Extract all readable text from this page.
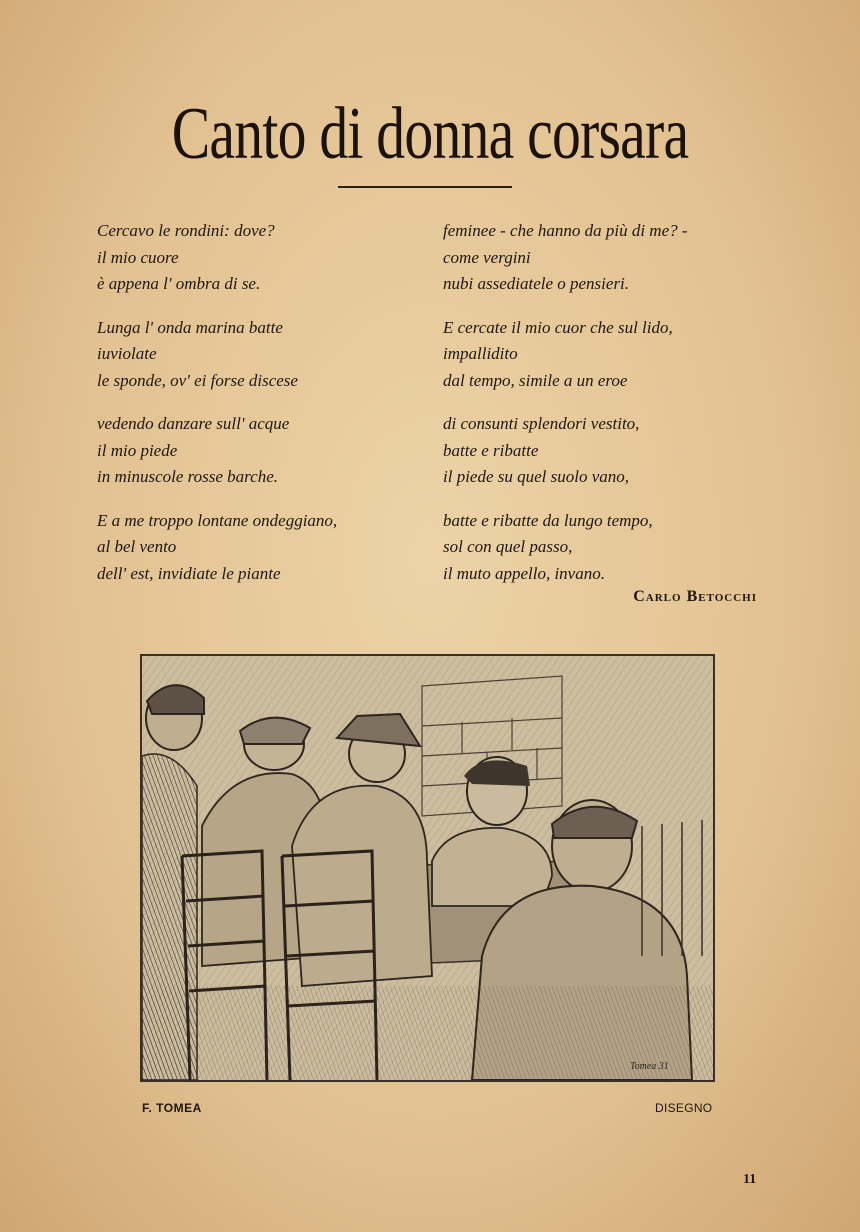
Canto di donna corsara
Cercavo le rondini: dove?
il mio cuore
è appena l' ombra di se.
Lunga l' onda marina batte
iuviolate
le sponde, ov' ei forse discese
vedendo danzare sull' acque
il mio piede
in minuscole rosse barche.
E a me troppo lontane ondeggiano,
al bel vento
dell' est, invidiate le piante
feminee - che hanno da più di me? -
come vergini
nubi assediatele o pensieri.
E cercate il mio cuor che sul lido,
impallidito
dal tempo, simile a un eroe
di consunti splendori vestito,
batte e ribatte
il piede su quel suolo vano,
batte e ribatte da lungo tempo,
sol con quel passo,
il muto appello, invano.
Carlo Betocchi
Tomea 31
F. TOMEA	DISEGNO
11
